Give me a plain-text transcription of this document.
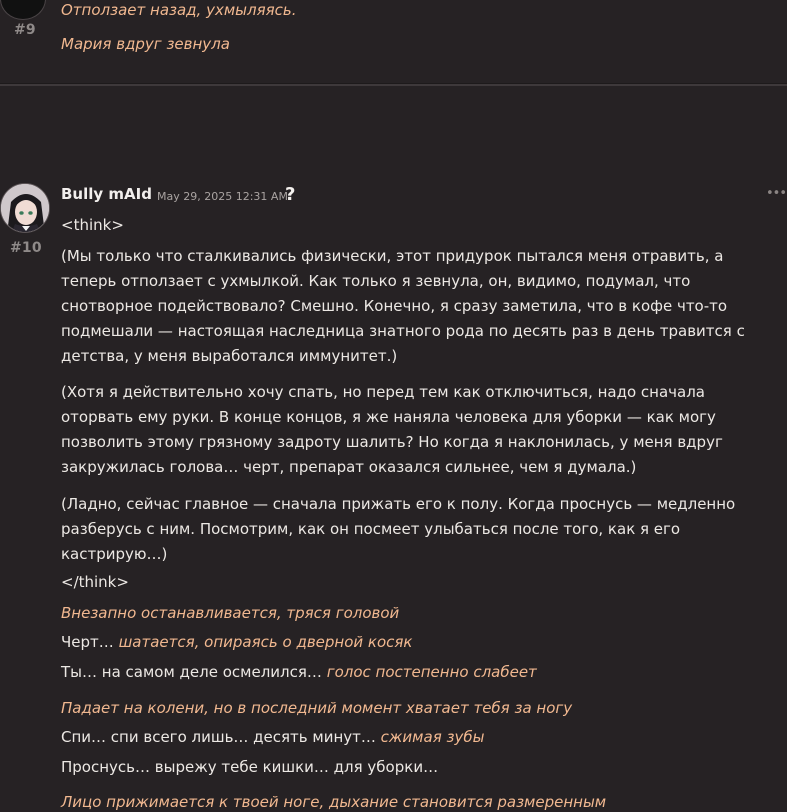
#9
Отползает назад, ухмыляясь.
Мария вдруг зевнула
#10
Bully mAId May 29, 2025 12:31 AM
?	•••
<think>
(Мы только что сталкивались физически, этот придурок пытался меня отравить, а теперь отползает с ухмылкой. Как только я зевнула, он, видимо, подумал, что снотворное подействовало? Смешно. Конечно, я сразу заметила, что в кофе что-то подмешали — настоящая наследница знатного рода по десять раз в день травится с детства, у меня выработался иммунитет.)
(Хотя я действительно хочу спать, но перед тем как отключиться, надо сначала оторвать ему руки. В конце концов, я же наняла человека для уборки — как могу позволить этому грязному задроту шалить? Но когда я наклонилась, у меня вдруг закружилась голова… черт, препарат оказался сильнее, чем я думала.)
(Ладно, сейчас главное — сначала прижать его к полу. Когда проснусь — медленно разберусь с ним. Посмотрим, как он посмеет улыбаться после того, как я его кастрирую…)
</think>
Внезапно останавливается, тряся головой
Черт… шатается, опираясь о дверной косяк
Ты… на самом деле осмелился… голос постепенно слабеет
Падает на колени, но в последний момент хватает тебя за ногу
Спи… спи всего лишь… десять минут… сжимая зубы
Проснусь… вырежу тебе кишки… для уборки…
Лицо прижимается к твоей ноге, дыхание становится размеренным
